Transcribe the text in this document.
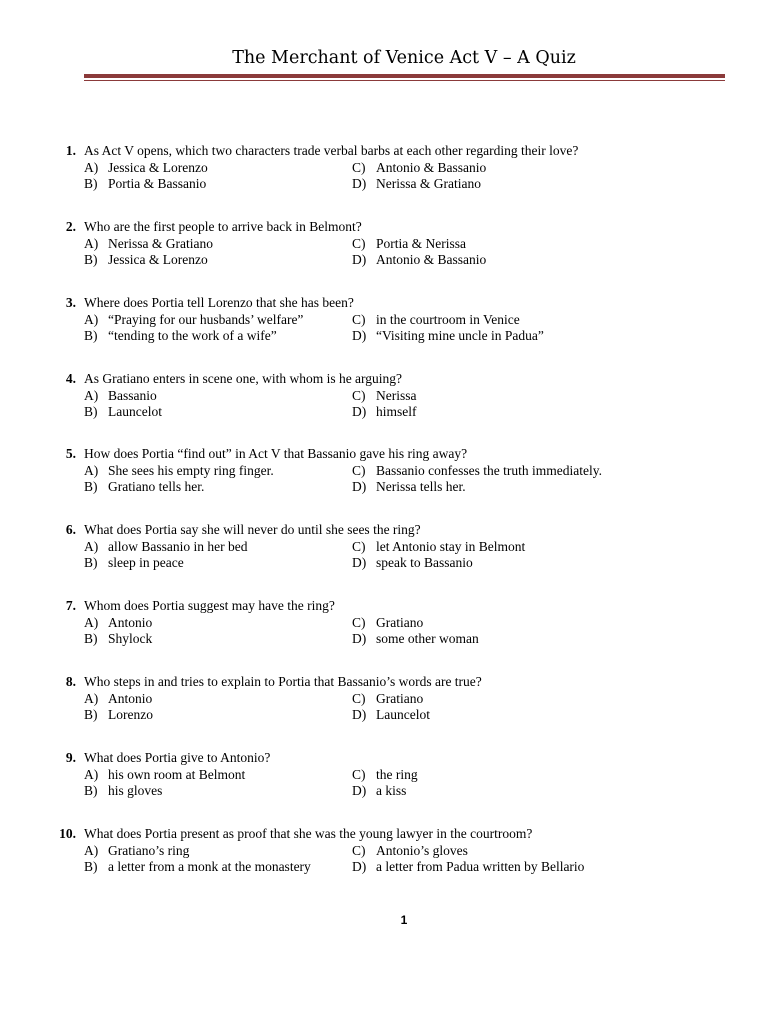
The Merchant of Venice Act V – A Quiz
1. As Act V opens, which two characters trade verbal barbs at each other regarding their love?
A) Jessica & Lorenzo
B) Portia & Bassanio
C) Antonio & Bassanio
D) Nerissa & Gratiano
2. Who are the first people to arrive back in Belmont?
A) Nerissa & Gratiano
B) Jessica & Lorenzo
C) Portia & Nerissa
D) Antonio & Bassanio
3. Where does Portia tell Lorenzo that she has been?
A) “Praying for our husbands’ welfare”
B) “tending to the work of a wife”
C) in the courtroom in Venice
D) “Visiting mine uncle in Padua”
4. As Gratiano enters in scene one, with whom is he arguing?
A) Bassanio
B) Launcelot
C) Nerissa
D) himself
5. How does Portia “find out” in Act V that Bassanio gave his ring away?
A) She sees his empty ring finger.
B) Gratiano tells her.
C) Bassanio confesses the truth immediately.
D) Nerissa tells her.
6. What does Portia say she will never do until she sees the ring?
A) allow Bassanio in her bed
B) sleep in peace
C) let Antonio stay in Belmont
D) speak to Bassanio
7. Whom does Portia suggest may have the ring?
A) Antonio
B) Shylock
C) Gratiano
D) some other woman
8. Who steps in and tries to explain to Portia that Bassanio’s words are true?
A) Antonio
B) Lorenzo
C) Gratiano
D) Launcelot
9. What does Portia give to Antonio?
A) his own room at Belmont
B) his gloves
C) the ring
D) a kiss
10. What does Portia present as proof that she was the young lawyer in the courtroom?
A) Gratiano’s ring
B) a letter from a monk at the monastery
C) Antonio’s gloves
D) a letter from Padua written by Bellario
1
